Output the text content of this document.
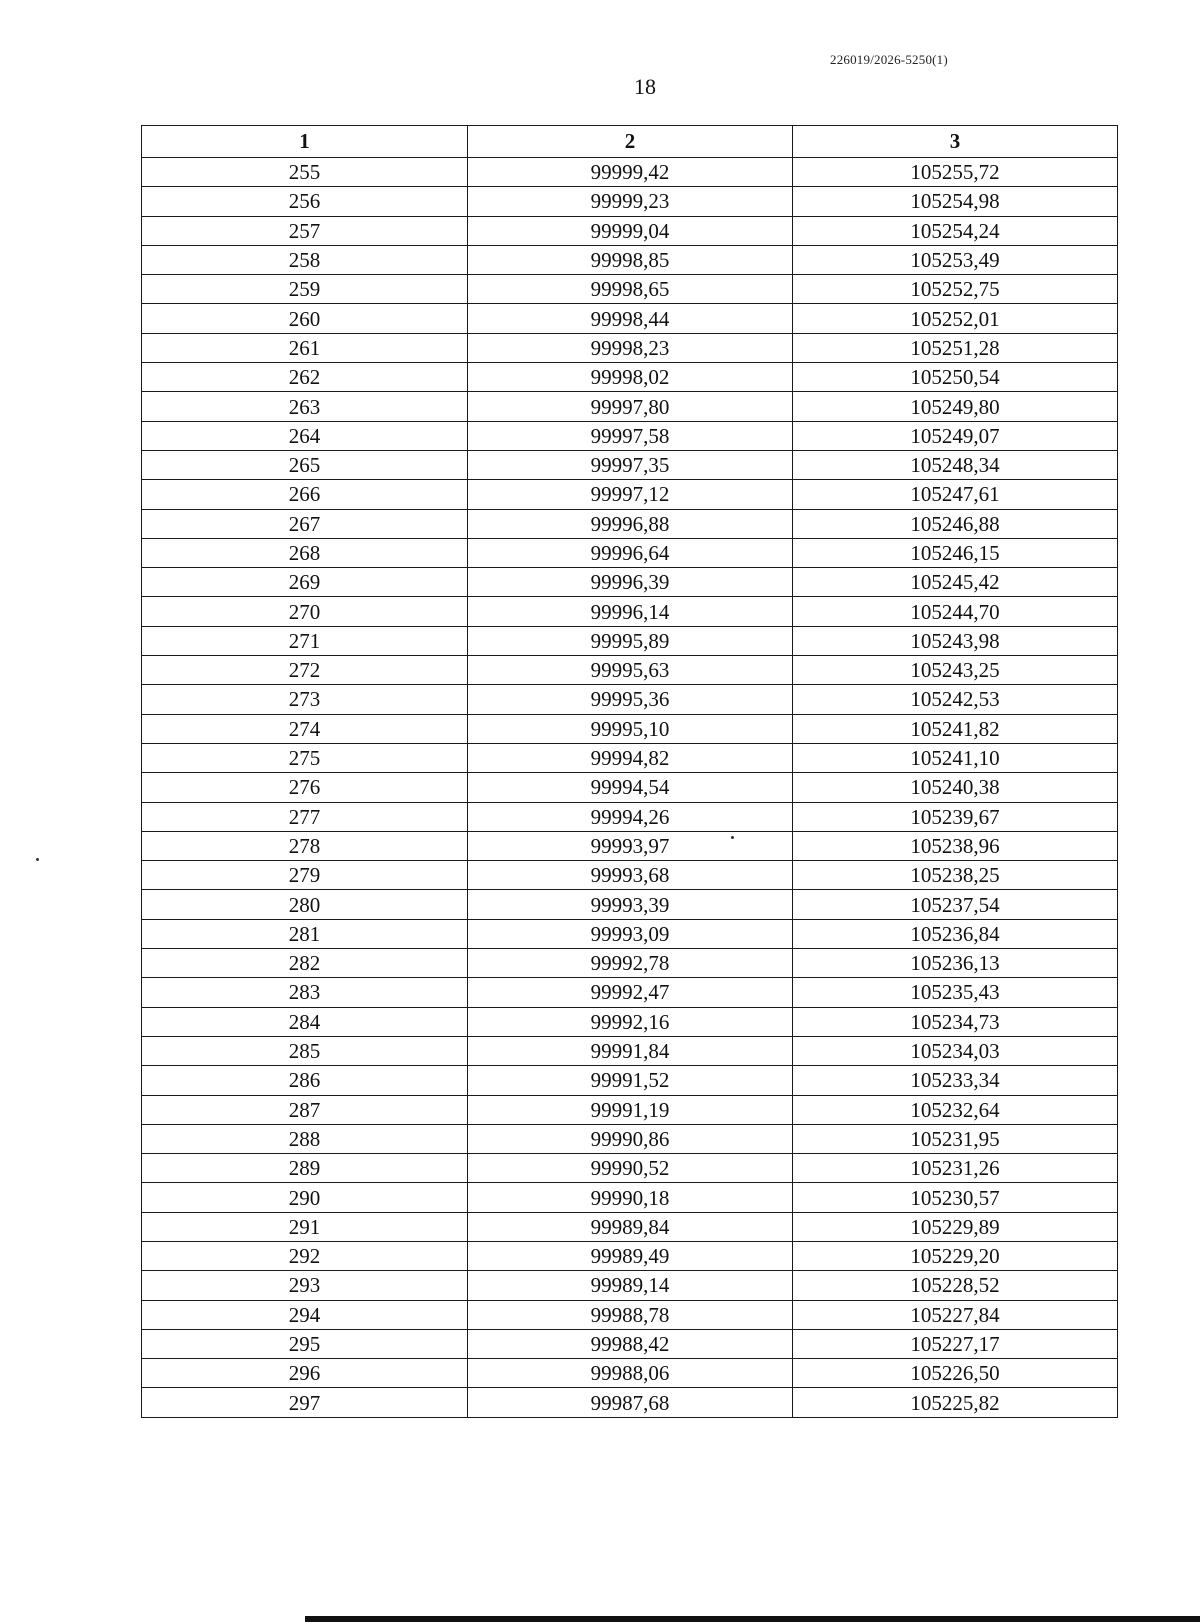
226019/2026-5250(1)
18
1	2	3
255	99999,42	105255,72
256	99999,23	105254,98
257	99999,04	105254,24
258	99998,85	105253,49
259	99998,65	105252,75
260	99998,44	105252,01
261	99998,23	105251,28
262	99998,02	105250,54
263	99997,80	105249,80
264	99997,58	105249,07
265	99997,35	105248,34
266	99997,12	105247,61
267	99996,88	105246,88
268	99996,64	105246,15
269	99996,39	105245,42
270	99996,14	105244,70
271	99995,89	105243,98
272	99995,63	105243,25
273	99995,36	105242,53
274	99995,10	105241,82
275	99994,82	105241,10
276	99994,54	105240,38
277	99994,26	105239,67
278	99993,97	105238,96
279	99993,68	105238,25
280	99993,39	105237,54
281	99993,09	105236,84
282	99992,78	105236,13
283	99992,47	105235,43
284	99992,16	105234,73
285	99991,84	105234,03
286	99991,52	105233,34
287	99991,19	105232,64
288	99990,86	105231,95
289	99990,52	105231,26
290	99990,18	105230,57
291	99989,84	105229,89
292	99989,49	105229,20
293	99989,14	105228,52
294	99988,78	105227,84
295	99988,42	105227,17
296	99988,06	105226,50
297	99987,68	105225,82
